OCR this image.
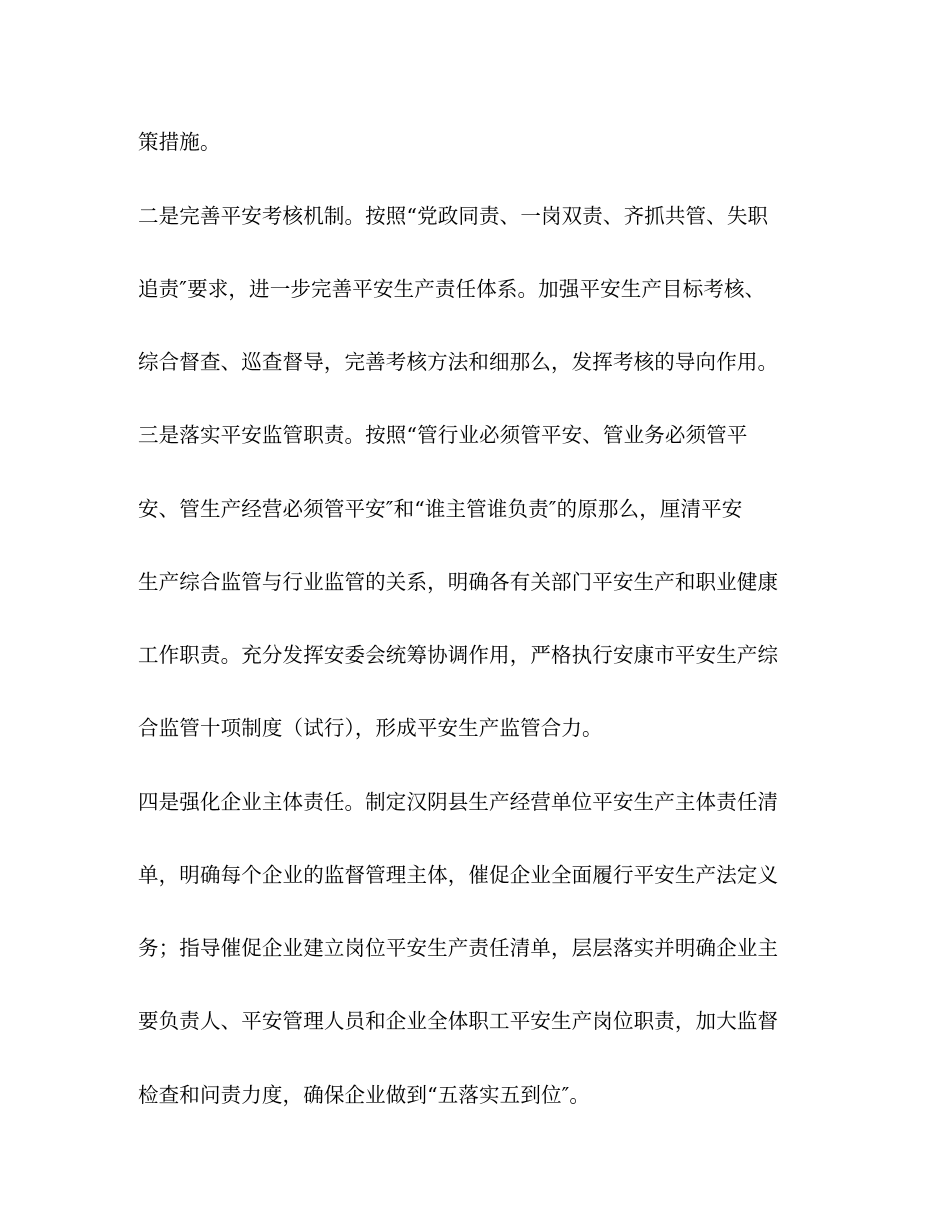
策措施。

二是完善平安考核机制。按照“党政同责、一岗双责、齐抓共管、失职

追责″要求，进一步完善平安生产责任体系。加强平安生产目标考核、

综合督查、巡查督导，完善考核方法和细那么，发挥考核的导向作用。

三是落实平安监管职责。按照“管行业必须管平安、管业务必须管平

安、管生产经营必须管平安″和“谁主管谁负责″的原那么，厘清平安

生产综合监管与行业监管的关系，明确各有关部门平安生产和职业健康

工作职责。充分发挥安委会统筹协调作用，严格执行安康市平安生产综

合监管十项制度（试行），形成平安生产监管合力。

四是强化企业主体责任。制定汉阴县生产经营单位平安生产主体责任清

单，明确每个企业的监督管理主体，催促企业全面履行平安生产法定义

务；指导催促企业建立岗位平安生产责任清单，层层落实并明确企业主

要负责人、平安管理人员和企业全体职工平安生产岗位职责，加大监督

检查和问责力度，确保企业做到“五落实五到位″。
